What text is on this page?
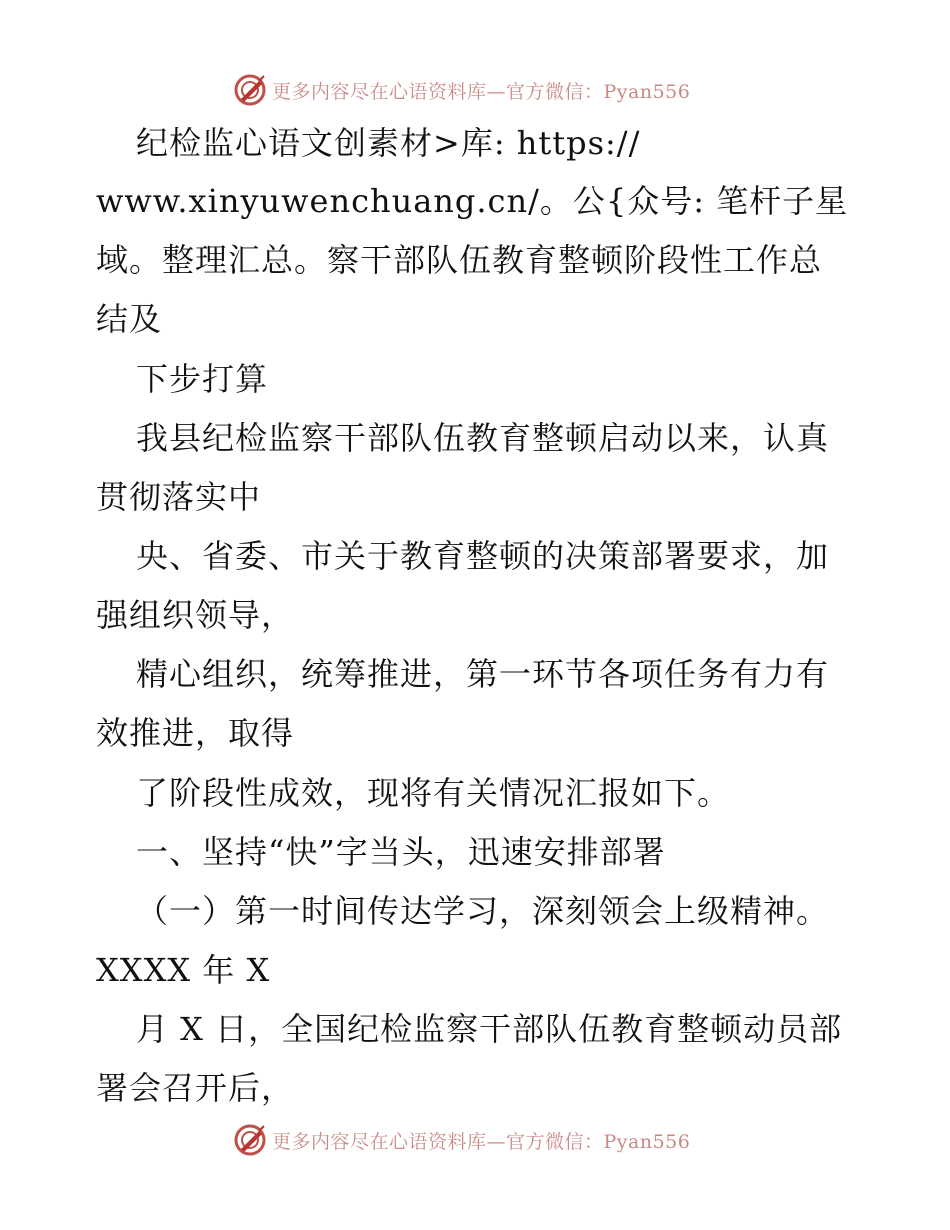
更多内容尽在心语资料库—官方微信：Pyan556
纪检监心语文创素材>库: https://
www.xinyuwenchuang.cn/。公{众号: 笔杆子星
域。整理汇总。察干部队伍教育整顿阶段性工作总
结及
下步打算
我县纪检监察干部队伍教育整顿启动以来，认真
贯彻落实中
央、省委、市关于教育整顿的决策部署要求，加
强组织领导，
精心组织，统筹推进，第一环节各项任务有力有
效推进，取得
了阶段性成效，现将有关情况汇报如下。
一、坚持“快”字当头，迅速安排部署
（一）第一时间传达学习，深刻领会上级精神。
XXXX 年 X
月 X 日，全国纪检监察干部队伍教育整顿动员部
署会召开后，
更多内容尽在心语资料库—官方微信：Pyan556
